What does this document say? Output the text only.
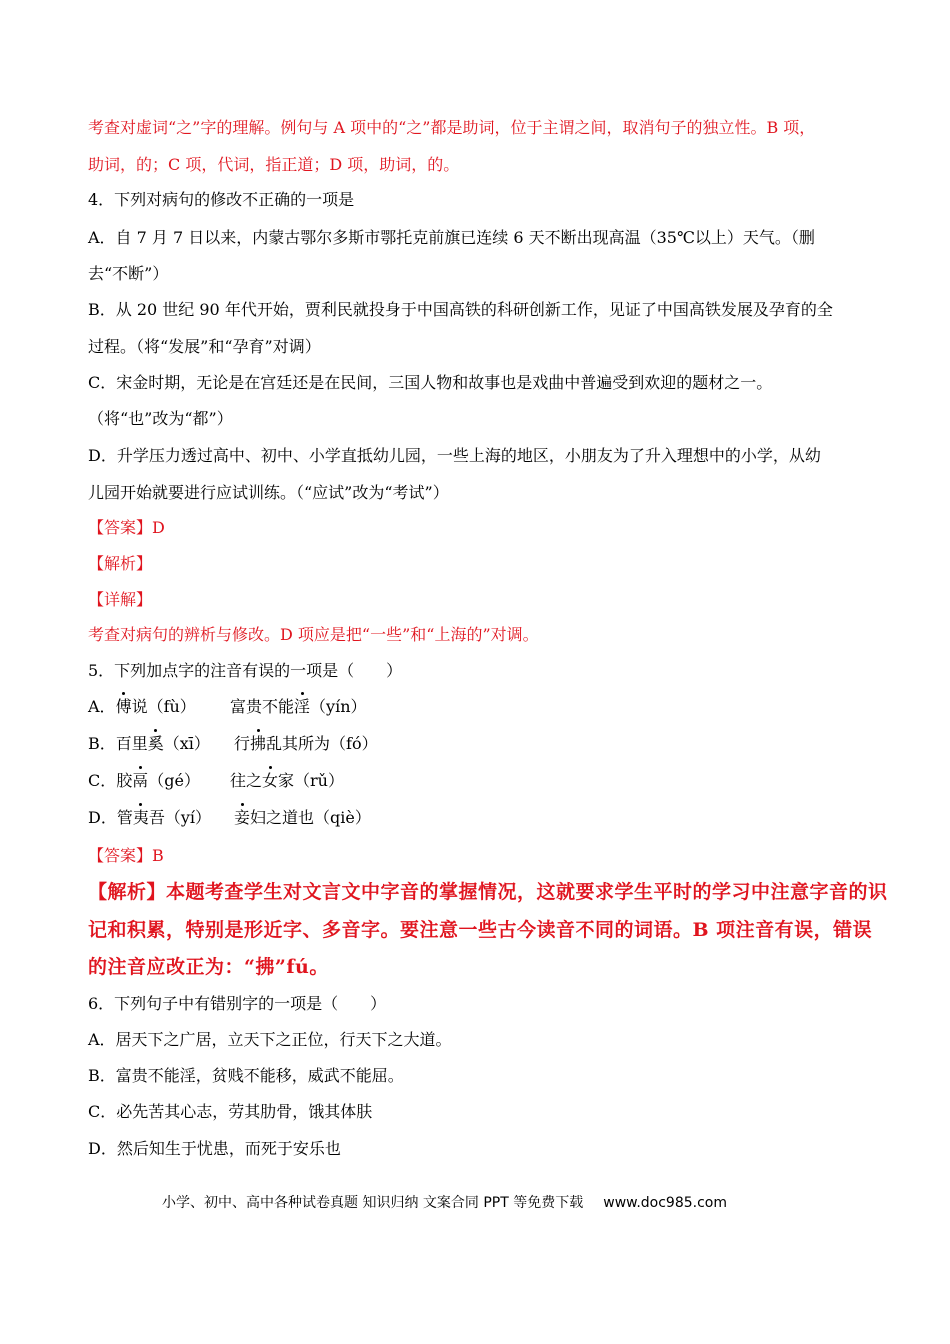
考查对虚词“之”字的理解。例句与 A 项中的“之”都是助词，位于主谓之间，取消句子的独立性。B 项，
助词，的；C 项，代词，指正道；D 项，助词，的。
4．下列对病句的修改不正确的一项是
A．自 7 月 7 日以来，内蒙古鄂尔多斯市鄂托克前旗已连续 6 天不断出现高温（35℃以上）天气。（删
去“不断”）
B．从 20 世纪 90 年代开始，贾利民就投身于中国高铁的科研创新工作，见证了中国高铁发展及孕育的全
过程。（将“发展”和“孕育”对调）
C．宋金时期，无论是在宫廷还是在民间，三国人物和故事也是戏曲中普遍受到欢迎的题材之一。
（将“也”改为“都”）
D．升学压力透过高中、初中、小学直抵幼儿园，一些上海的地区，小朋友为了升入理想中的小学，从幼
儿园开始就要进行应试训练。（“应试”改为“考试”）
【答案】D
【解析】
【详解】
考查对病句的辨析与修改。D 项应是把“一些”和“上海的”对调。
5．下列加点字的注音有误的一项是（　　）
A．傅说（fù） 富贵不能淫（yín）
B．百里奚（xī） 行拂乱其所为（fó）
C．胶鬲（gé） 往之女家（rǔ）
D．管夷吾（yí） 妾妇之道也（qiè）
【答案】B
【解析】本题考查学生对文言文中字音的掌握情况，这就要求学生平时的学习中注意字音的识
记和积累，特别是形近字、多音字。要注意一些古今读音不同的词语。B 项注音有误，错误
的注音应改正为：“拂”fú。
6．下列句子中有错别字的一项是（　　）
A．居天下之广居，立天下之正位，行天下之大道。
B．富贵不能淫，贫贱不能移，威武不能屈。
C．必先苦其心志，劳其肋骨，饿其体肤
D．然后知生于忧患，而死于安乐也
小学、初中、高中各种试卷真题 知识归纳 文案合同 PPT 等免费下载 www.doc985.com
